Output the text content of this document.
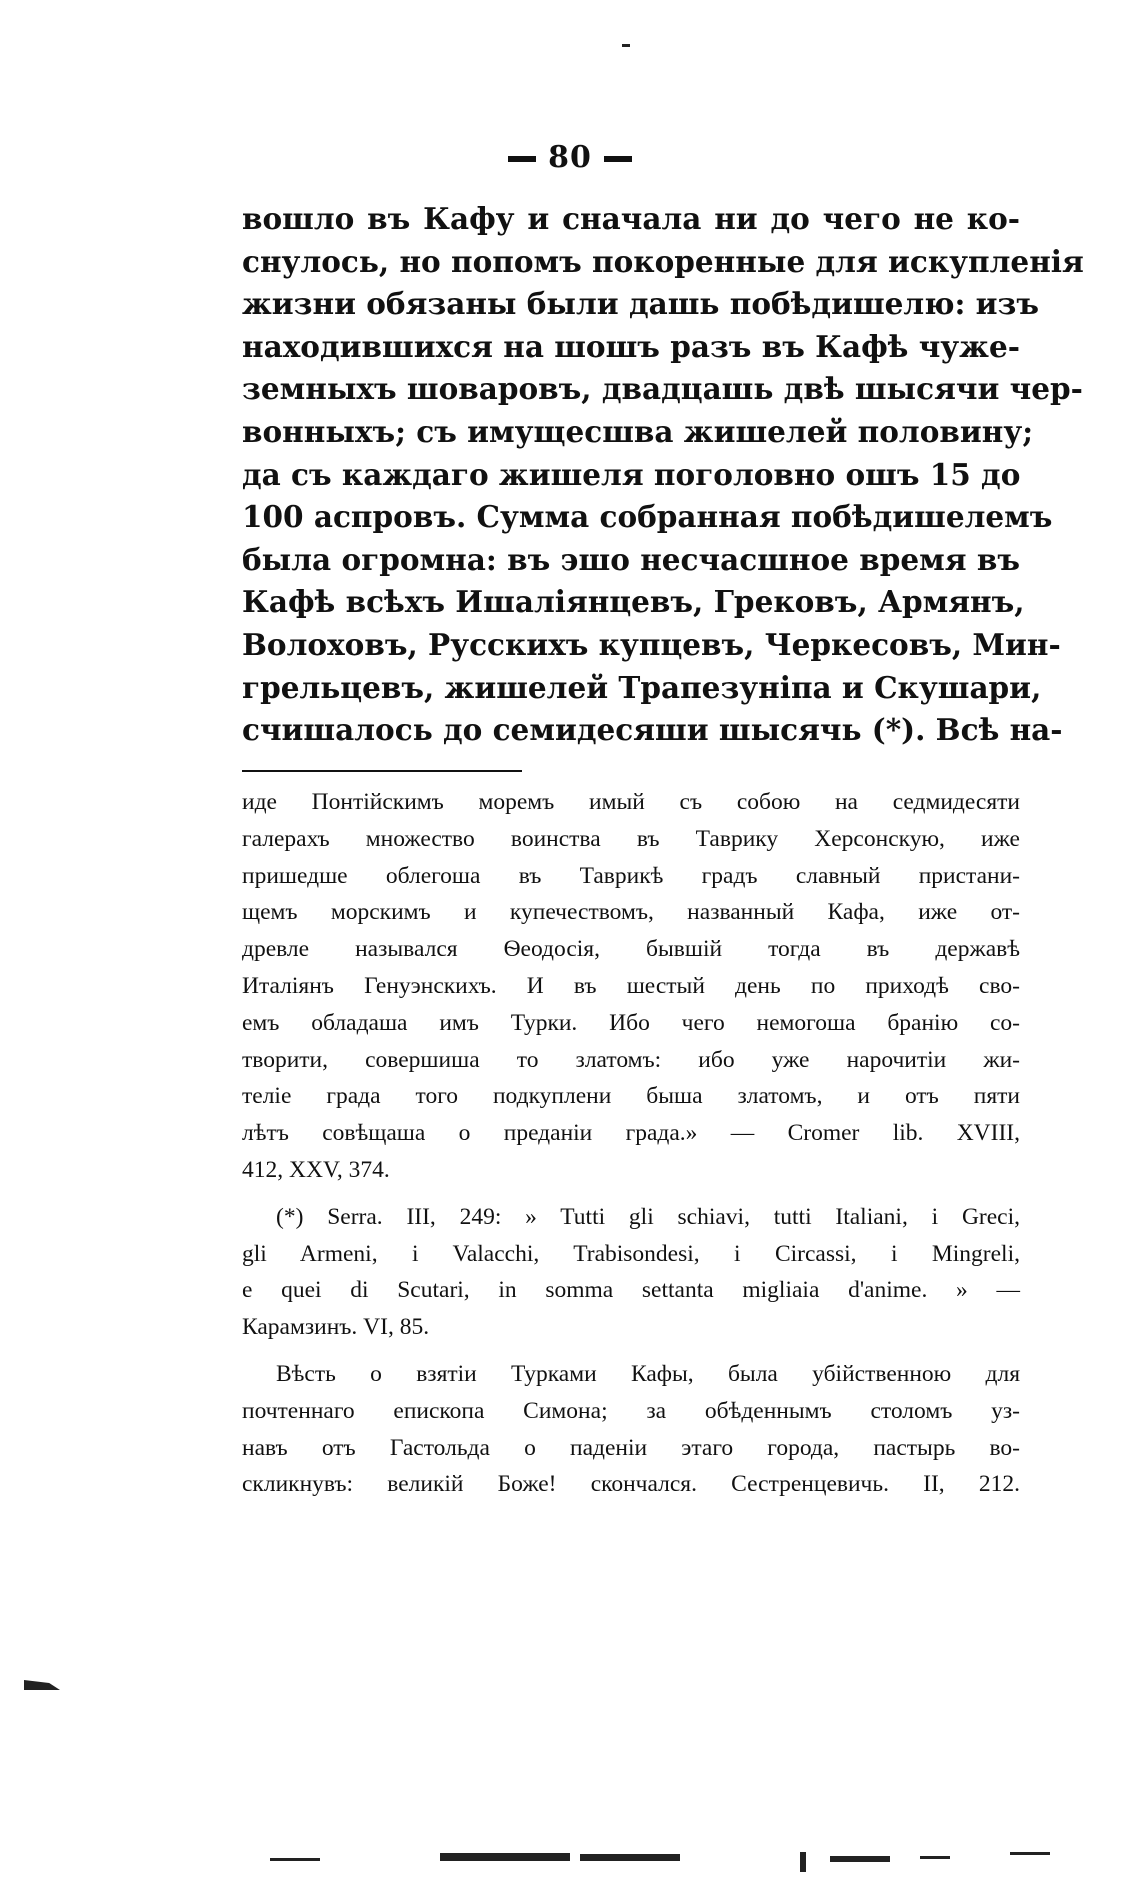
80
вошло въ Кафу и сначала ни до чего не ко-
снулось, но попомъ покоренные для искупленія
жизни обязаны были дашь побѣдишелю: изъ
находившихся на шошъ разъ въ Кафѣ чуже-
земныхъ шоваровъ, двадцашь двѣ шысячи чер-
вонныхъ; съ имущесшва жишелей половину;
да съ каждаго жишеля поголовно ошъ 15 до
100 аспровъ. Сумма собранная побѣдишелемъ
была огромна: въ эшо несчасшное время въ
Кафѣ всѣхъ Ишаліянцевъ, Грековъ, Армянъ,
Волоховъ, Русскихъ купцевъ, Черкесовъ, Мин-
грельцевъ, жишелей Трапезуніпа и Скушари,
счишалось до семидесяши шысячь (*). Всѣ на-
иде Понтійскимъ моремъ имый съ собою на седмидесяти
галерахъ множество воинства въ Таврику Херсонскую, иже
пришедше облегоша въ Таврикѣ градъ славный пристани-
щемъ морскимъ и купечествомъ, названный Кафа, иже от-
древле назывался Ѳеодосія, бывшій тогда въ державѣ
Италіянъ Генуэнскихъ. И въ шестый день по приходѣ сво-
емъ обладаша имъ Турки. Ибо чего немогоша бранію со-
творити, совершиша то златомъ: ибо уже нарочитіи жи-
теліе града того подкуплени быша златомъ, и отъ пяти
лѣтъ совѣщаша о преданіи града.» — Cromer lib. XVIII,
412, XXV, 374.
(*) Serra. III, 249: » Tutti gli schiavi, tutti Italiani, i Greci,
gli Armeni, i Valacchi, Trabisondesi, i Circassi, i Mingreli,
e quei di Scutari, in somma settanta migliaia d'anime. » —
Карамзинъ. VI, 85.
Вѣсть о взятіи Турками Кафы, была убійственною для
почтеннаго епископа Симона; за обѣденнымъ столомъ уз-
навъ отъ Гастольда о паденіи этаго города, пастырь во-
скликнувъ: великій Боже! скончался. Сестренцевичь. II, 212.
